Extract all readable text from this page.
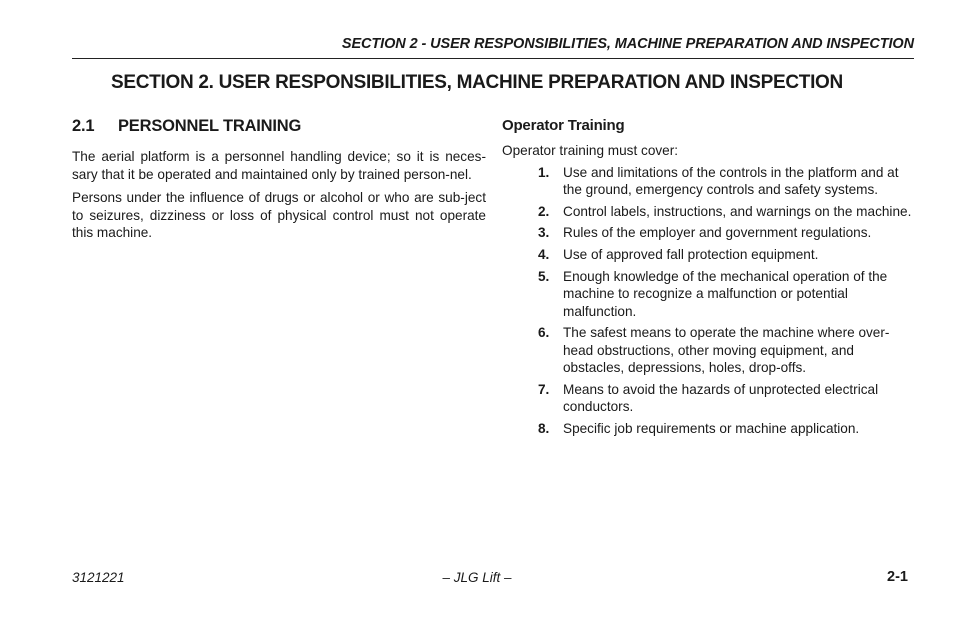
SECTION 2 - USER RESPONSIBILITIES, MACHINE PREPARATION AND INSPECTION
SECTION 2. USER RESPONSIBILITIES, MACHINE PREPARATION AND INSPECTION
2.1 PERSONNEL TRAINING

The aerial platform is a personnel handling device; so it is neces-sary that it be operated and maintained only by trained person-nel.

Persons under the influence of drugs or alcohol or who are sub-ject to seizures, dizziness or loss of physical control must not operate this machine.

Operator Training
Operator training must cover:
1. Use and limitations of the controls in the platform and at the ground, emergency controls and safety systems.
2. Control labels, instructions, and warnings on the machine.
3. Rules of the employer and government regulations.
4. Use of approved fall protection equipment.
5. Enough knowledge of the mechanical operation of the machine to recognize a malfunction or potential malfunction.
6. The safest means to operate the machine where over-head obstructions, other moving equipment, and obstacles, depressions, holes, drop-offs.
7. Means to avoid the hazards of unprotected electrical conductors.
8. Specific job requirements or machine application.
3121221	– JLG Lift –	2-1
